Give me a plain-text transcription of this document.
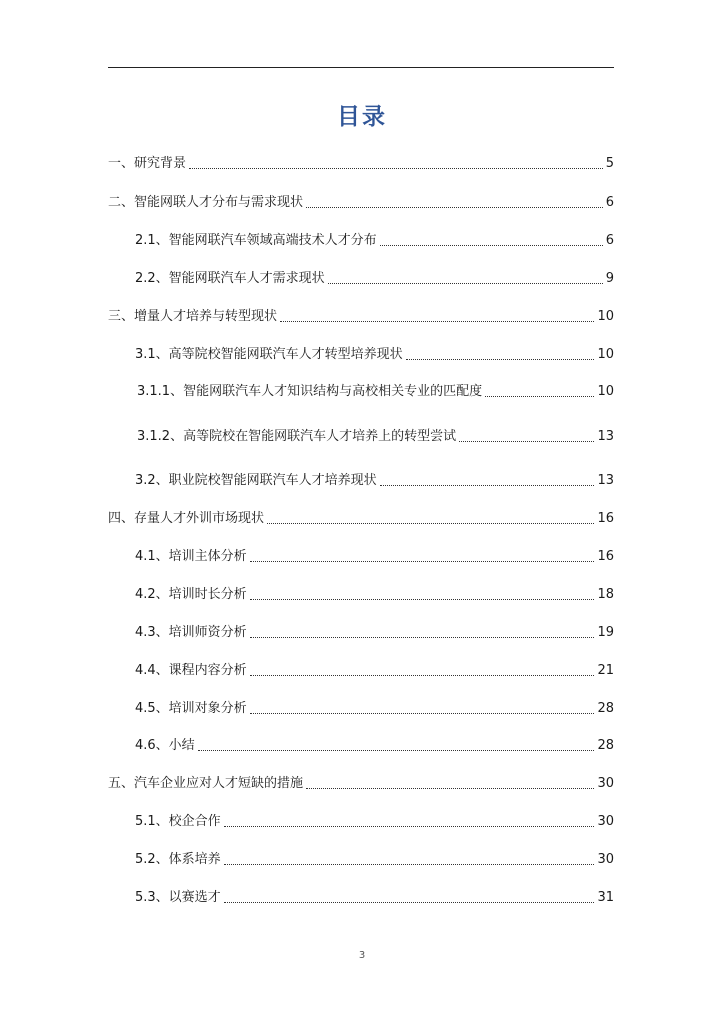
目录
一、研究背景	5
二、智能网联人才分布与需求现状	6
2.1、智能网联汽车领域高端技术人才分布	6
2.2、智能网联汽车人才需求现状	9
三、增量人才培养与转型现状	10
3.1、高等院校智能网联汽车人才转型培养现状	10
3.1.1、智能网联汽车人才知识结构与高校相关专业的匹配度	10
3.1.2、高等院校在智能网联汽车人才培养上的转型尝试	13
3.2、职业院校智能网联汽车人才培养现状	13
四、存量人才外训市场现状	16
4.1、培训主体分析	16
4.2、培训时长分析	18
4.3、培训师资分析	19
4.4、课程内容分析	21
4.5、培训对象分析	28
4.6、小结	28
五、汽车企业应对人才短缺的措施	30
5.1、校企合作	30
5.2、体系培养	30
5.3、以赛选才	31
3
